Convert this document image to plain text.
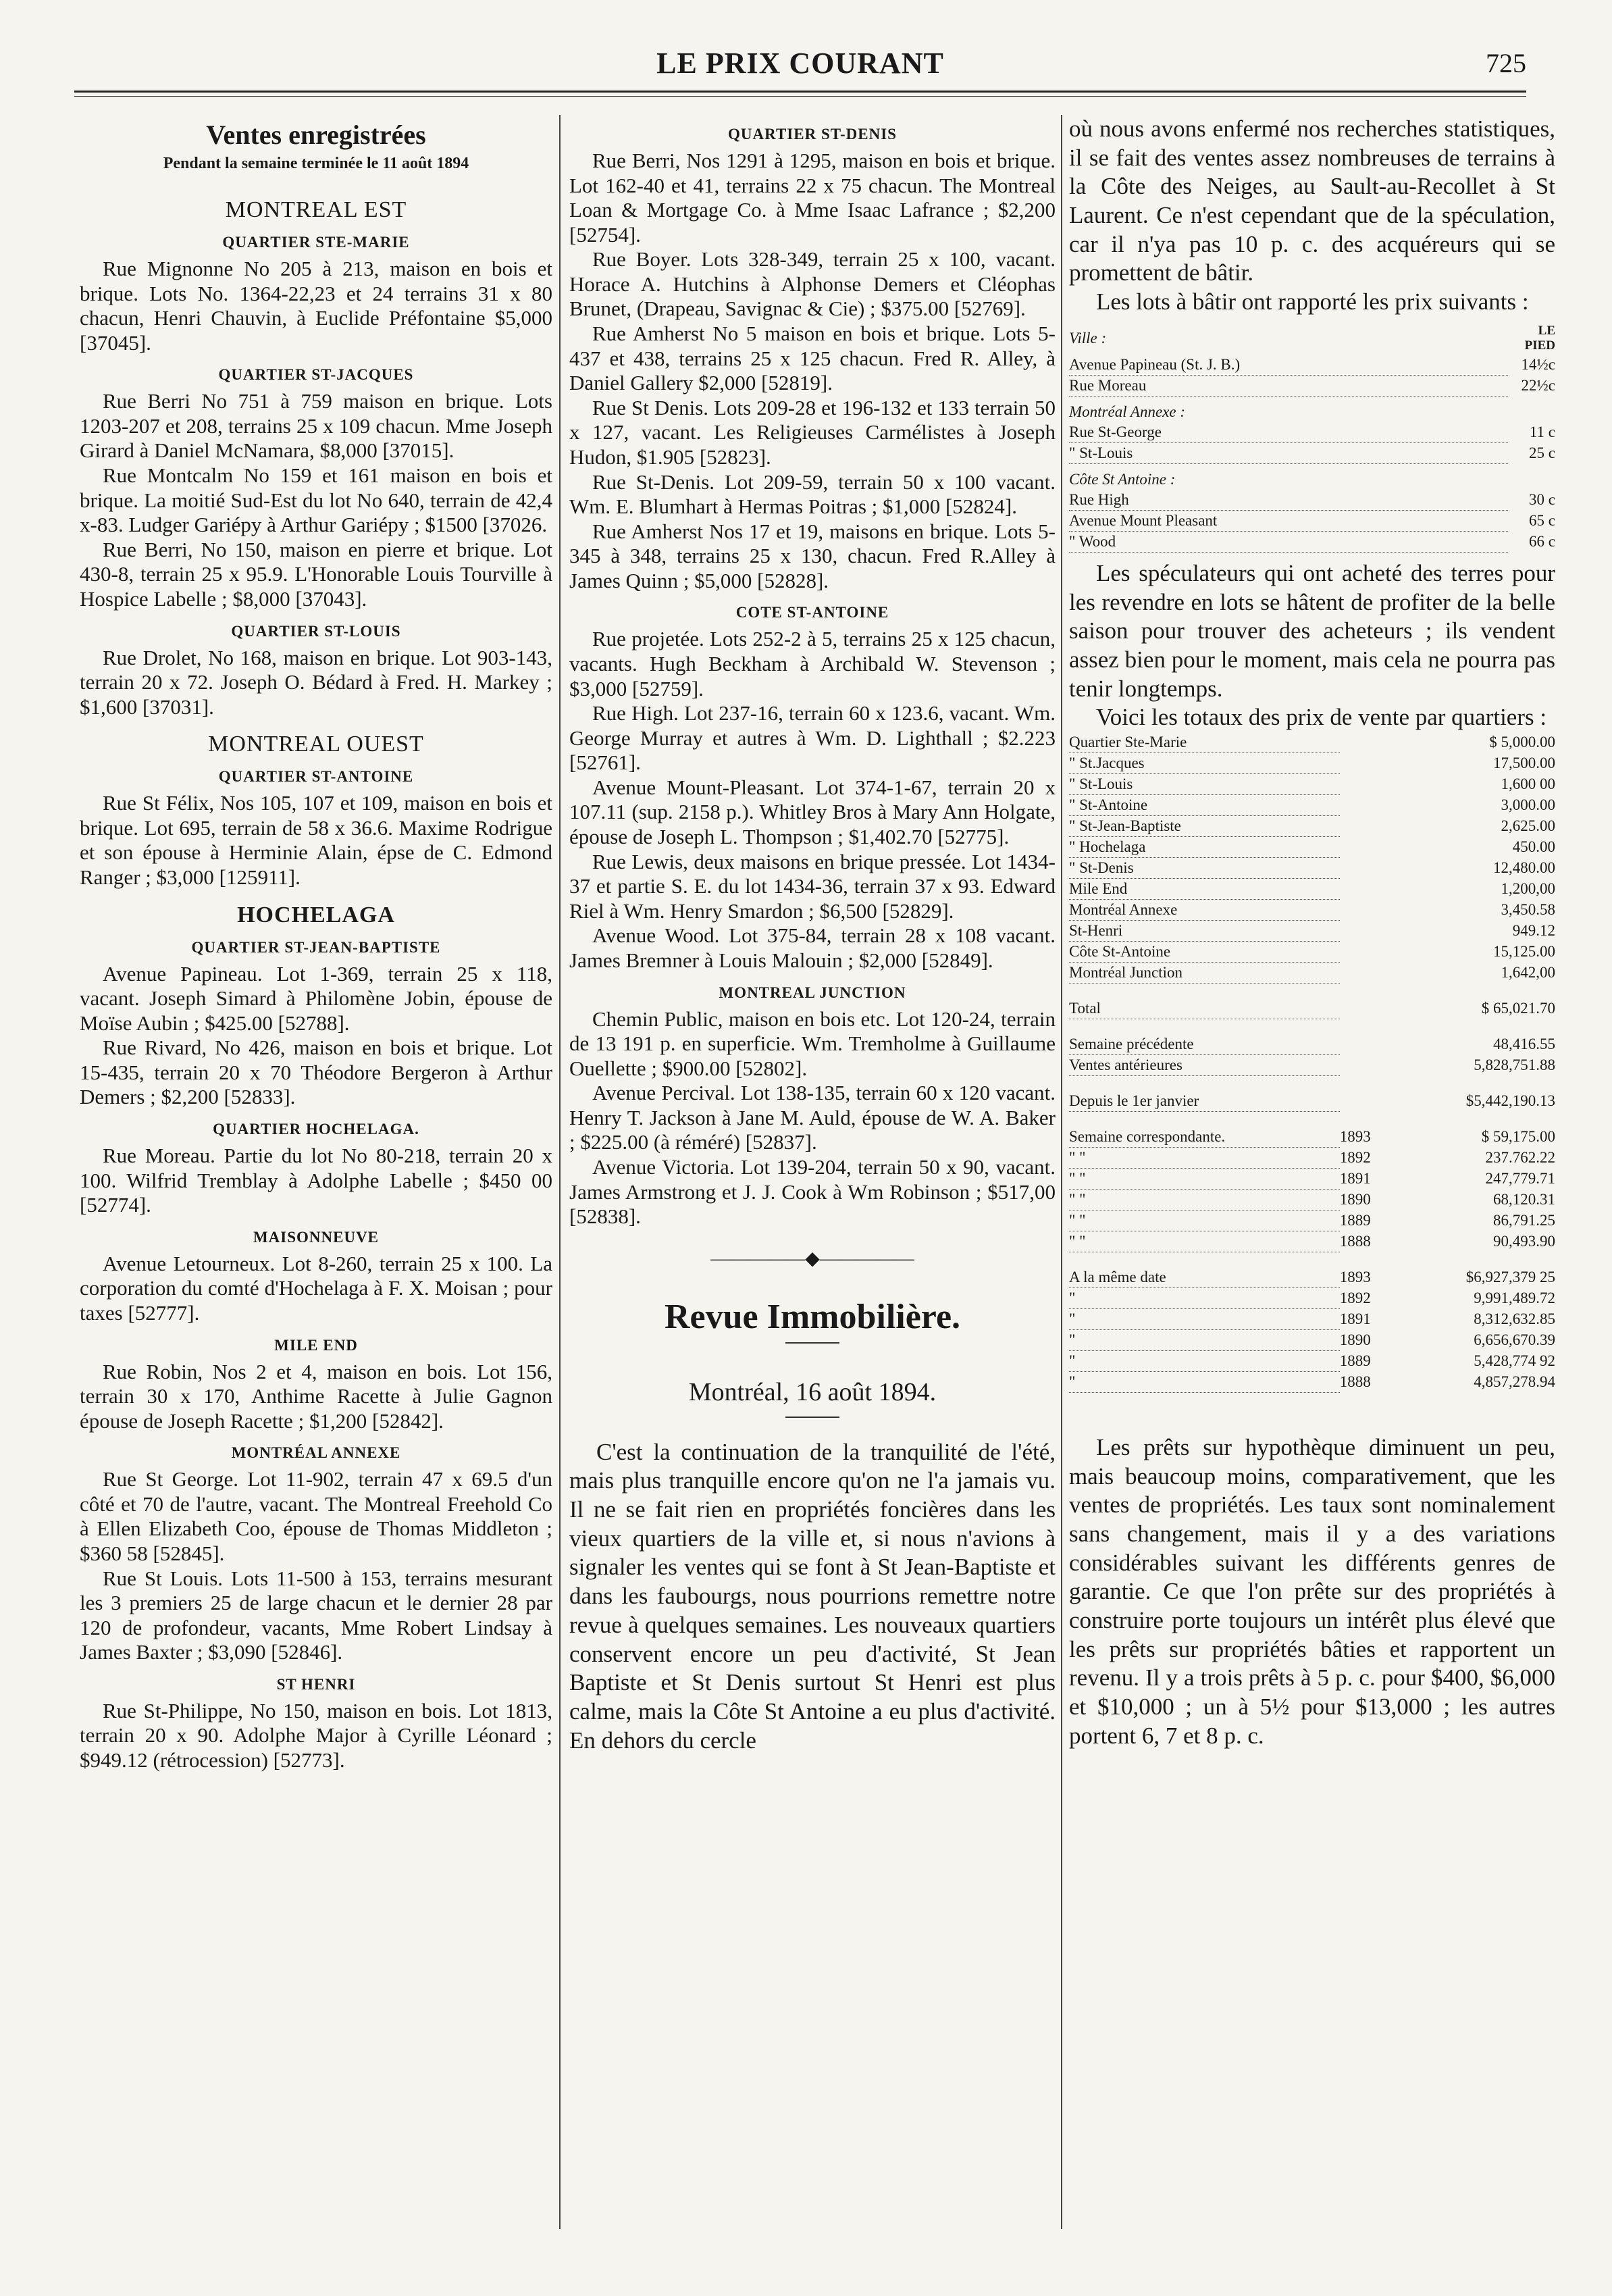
LE PRIX COURANT	725
Ventes enregistrées
Pendant la semaine terminée le 11 août 1894
MONTREAL EST
QUARTIER STE-MARIE

Rue Mignonne No 205 à 213, maison en bois et brique. Lots No. 1364-22,23 et 24 terrains 31 x 80 chacun, Henri Chauvin, à Euclide Préfontaine $5,000 [37045].

QUARTIER ST-JACQUES

Rue Berri No 751 à 759 maison en brique. Lots 1203-207 et 208, terrains 25 x 109 chacun. Mme Joseph Girard à Daniel McNamara, $8,000 [37015].

Rue Montcalm No 159 et 161 maison en bois et brique. La moitié Sud-Est du lot No 640, terrain de 42,4 x-83. Ludger Gariépy à Arthur Gariépy ; $1500 [37026.

Rue Berri, No 150, maison en pierre et brique. Lot 430-8, terrain 25 x 95.9. L'Honorable Louis Tourville à Hospice Labelle ; $8,000 [37043].

QUARTIER ST-LOUIS

Rue Drolet, No 168, maison en brique. Lot 903-143, terrain 20 x 72. Joseph O. Bédard à Fred. H. Markey ; $1,600 [37031].

MONTREAL OUEST
QUARTIER ST-ANTOINE

Rue St Félix, Nos 105, 107 et 109, maison en bois et brique. Lot 695, terrain de 58 x 36.6. Maxime Rodrigue et son épouse à Herminie Alain, épse de C. Edmond Ranger ; $3,000 [125911].

HOCHELAGA
QUARTIER ST-JEAN-BAPTISTE

Avenue Papineau. Lot 1-369, terrain 25 x 118, vacant. Joseph Simard à Philomène Jobin, épouse de Moïse Aubin ; $425.00 [52788].

Rue Rivard, No 426, maison en bois et brique. Lot 15-435, terrain 20 x 70 Théodore Bergeron à Arthur Demers ; $2,200 [52833].

QUARTIER HOCHELAGA.

Rue Moreau. Partie du lot No 80-218, terrain 20 x 100. Wilfrid Tremblay à Adolphe Labelle ; $450 00 [52774].

MAISONNEUVE

Avenue Letourneux. Lot 8-260, terrain 25 x 100. La corporation du comté d'Hochelaga à F. X. Moisan ; pour taxes [52777].

MILE END

Rue Robin, Nos 2 et 4, maison en bois. Lot 156, terrain 30 x 170, Anthime Racette à Julie Gagnon épouse de Joseph Racette ; $1,200 [52842].

MONTRÉAL ANNEXE

Rue St George. Lot 11-902, terrain 47 x 69.5 d'un côté et 70 de l'autre, vacant. The Montreal Freehold Co à Ellen Elizabeth Coo, épouse de Thomas Middleton ; $360 58 [52845].

Rue St Louis. Lots 11-500 à 153, terrains mesurant les 3 premiers 25 de large chacun et le dernier 28 par 120 de profondeur, vacants, Mme Robert Lindsay à James Baxter ; $3,090 [52846].

ST HENRI

Rue St-Philippe, No 150, maison en bois. Lot 1813, terrain 20 x 90. Adolphe Major à Cyrille Léonard ; $949.12 (rétrocession) [52773].

QUARTIER ST-DENIS

Rue Berri, Nos 1291 à 1295, maison en bois et brique. Lot 162-40 et 41, terrains 22 x 75 chacun. The Montreal Loan & Mortgage Co. à Mme Isaac Lafrance ; $2,200 [52754].

Rue Boyer. Lots 328-349, terrain 25 x 100, vacant. Horace A. Hutchins à Alphonse Demers et Cléophas Brunet, (Drapeau, Savignac & Cie) ; $375.00 [52769].

Rue Amherst No 5 maison en bois et brique. Lots 5-437 et 438, terrains 25 x 125 chacun. Fred R. Alley, à Daniel Gallery $2,000 [52819].

Rue St Denis. Lots 209-28 et 196-132 et 133 terrain 50 x 127, vacant. Les Religieuses Carmélistes à Joseph Hudon, $1.905 [52823].

Rue St-Denis. Lot 209-59, terrain 50 x 100 vacant. Wm. E. Blumhart à Hermas Poitras ; $1,000 [52824].

Rue Amherst Nos 17 et 19, maisons en brique. Lots 5-345 à 348, terrains 25 x 130, chacun. Fred R.Alley à James Quinn ; $5,000 [52828].

COTE ST-ANTOINE

Rue projetée. Lots 252-2 à 5, terrains 25 x 125 chacun, vacants. Hugh Beckham à Archibald W. Stevenson ; $3,000 [52759].

Rue High. Lot 237-16, terrain 60 x 123.6, vacant. Wm. George Murray et autres à Wm. D. Lighthall ; $2.223 [52761].

Avenue Mount-Pleasant. Lot 374-1-67, terrain 20 x 107.11 (sup. 2158 p.). Whitley Bros à Mary Ann Holgate, épouse de Joseph L. Thompson ; $1,402.70 [52775].

Rue Lewis, deux maisons en brique pressée. Lot 1434-37 et partie S. E. du lot 1434-36, terrain 37 x 93. Edward Riel à Wm. Henry Smardon ; $6,500 [52829].

Avenue Wood. Lot 375-84, terrain 28 x 108 vacant. James Bremner à Louis Malouin ; $2,000 [52849].

MONTREAL JUNCTION

Chemin Public, maison en bois etc. Lot 120-24, terrain de 13 191 p. en superficie. Wm. Tremholme à Guillaume Ouellette ; $900.00 [52802].

Avenue Percival. Lot 138-135, terrain 60 x 120 vacant. Henry T. Jackson à Jane M. Auld, épouse de W. A. Baker ; $225.00 (à réméré) [52837].

Avenue Victoria. Lot 139-204, terrain 50 x 90, vacant. James Armstrong et J. J. Cook à Wm Robinson ; $517,00 [52838].

—————◆—————
Revue Immobilière.
Montréal, 16 août 1894.

C'est la continuation de la tranquilité de l'été, mais plus tranquille encore qu'on ne l'a jamais vu. Il ne se fait rien en propriétés foncières dans les vieux quartiers de la ville et, si nous n'avions à signaler les ventes qui se font à St Jean-Baptiste et dans les faubourgs, nous pourrions remettre notre revue à quelques semaines. Les nouveaux quartiers conservent encore un peu d'activité, St Jean Baptiste et St Denis surtout St Henri est plus calme, mais la Côte St Antoine a eu plus d'activité. En dehors du cercle

où nous avons enfermé nos recherches statistiques, il se fait des ventes assez nombreuses de terrains à la Côte des Neiges, au Sault-au-Recollet à St Laurent. Ce n'est cependant que de la spéculation, car il n'ya pas 10 p. c. des acquéreurs qui se promettent de bâtir.

Les lots à bâtir ont rapporté les prix suivants :

Ville :	LE PIED
Avenue Papineau (St. J. B.)	14½c
Rue Moreau	22½c
Montréal Annexe :	
Rue St-George	11 c
" St-Louis	25 c
Côte St Antoine :	
Rue High	30 c
Avenue Mount Pleasant	65 c
" Wood	66 c

Les spéculateurs qui ont acheté des terres pour les revendre en lots se hâtent de profiter de la belle saison pour trouver des acheteurs ; ils vendent assez bien pour le moment, mais cela ne pourra pas tenir longtemps.

Voici les totaux des prix de vente par quartiers :

Quartier Ste-Marie		$ 5,000.00
" St.Jacques		17,500.00
" St-Louis		1,600 00
" St-Antoine		3,000.00
" St-Jean-Baptiste		2,625.00
" Hochelaga		450.00
" St-Denis		12,480.00
Mile End		1,200,00
Montréal Annexe		3,450.58
St-Henri		949.12
Côte St-Antoine		15,125.00
Montréal Junction		1,642,00

Total		$ 65,021.70

Semaine précédente		48,416.55
Ventes antérieures		5,828,751.88

Depuis le 1er janvier		$5,442,190.13

Semaine correspondante.	1893	$ 59,175.00
" "	1892	237.762.22
" "	1891	247,779.71
" "	1890	68,120.31
" "	1889	86,791.25
" "	1888	90,493.90

A la même date	1893	$6,927,379 25
"	1892	9,991,489.72
"	1891	8,312,632.85
"	1890	6,656,670.39
"	1889	5,428,774 92
"	1888	4,857,278.94

Les prêts sur hypothèque diminuent un peu, mais beaucoup moins, comparativement, que les ventes de propriétés. Les taux sont nominalement sans changement, mais il y a des variations considérables suivant les différents genres de garantie. Ce que l'on prête sur des propriétés à construire porte toujours un intérêt plus élevé que les prêts sur propriétés bâties et rapportent un revenu. Il y a trois prêts à 5 p. c. pour $400, $6,000 et $10,000 ; un à 5½ pour $13,000 ; les autres portent 6, 7 et 8 p. c.
